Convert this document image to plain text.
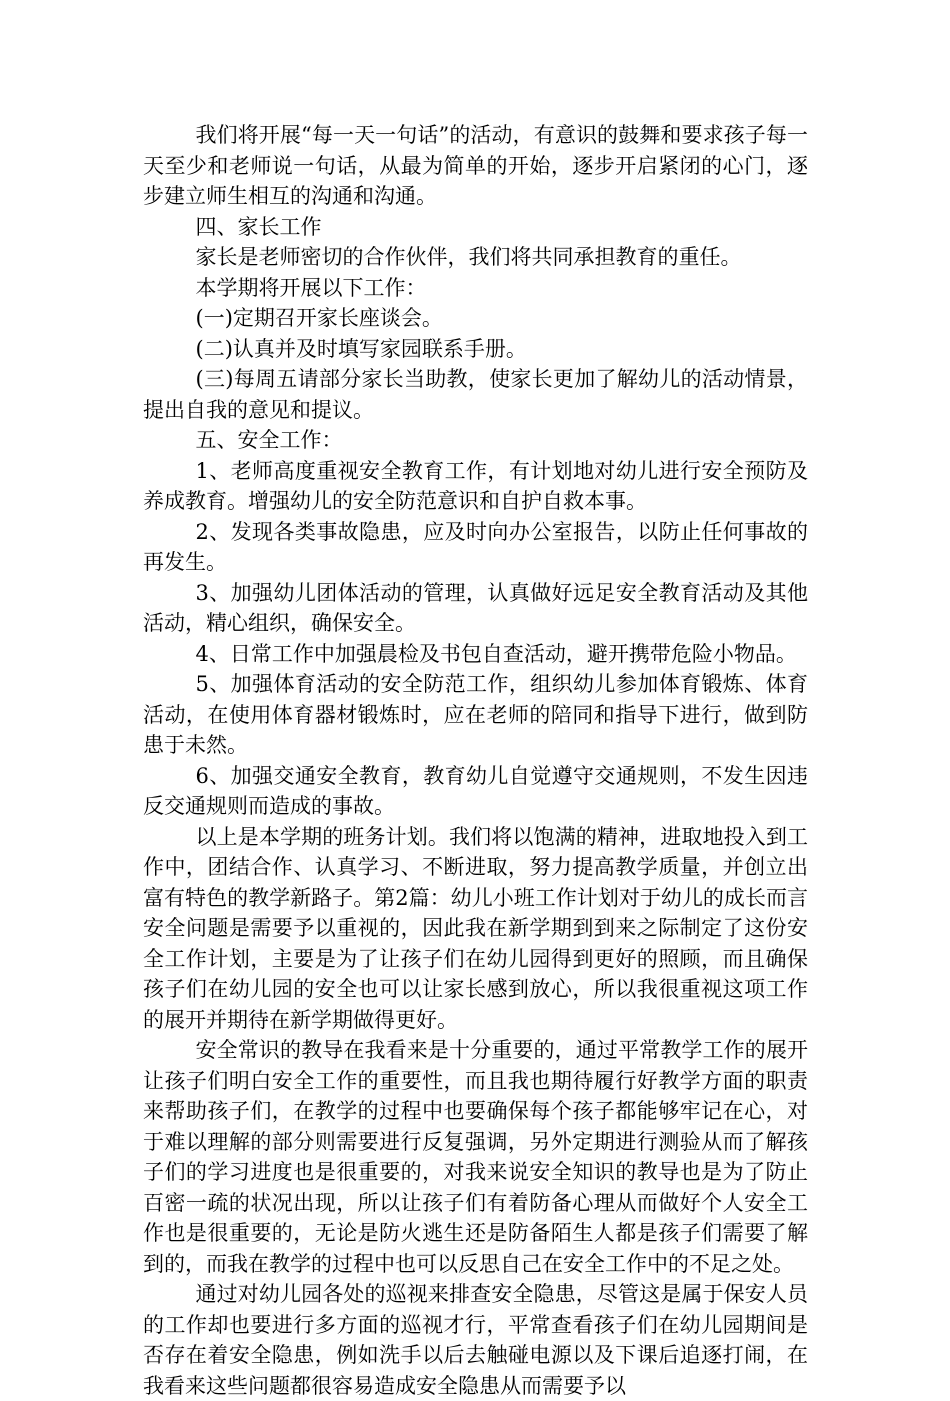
我们将开展“每一天一句话”的活动，有意识的鼓舞和要求孩子每一天至少和老师说一句话，从最为简单的开始，逐步开启紧闭的心门，逐步建立师生相互的沟通和沟通。

四、家长工作

家长是老师密切的合作伙伴，我们将共同承担教育的重任。

本学期将开展以下工作：

(一)定期召开家长座谈会。

(二)认真并及时填写家园联系手册。

(三)每周五请部分家长当助教，使家长更加了解幼儿的活动情景，提出自我的意见和提议。

五、安全工作：

1、老师高度重视安全教育工作，有计划地对幼儿进行安全预防及养成教育。增强幼儿的安全防范意识和自护自救本事。

2、发现各类事故隐患，应及时向办公室报告，以防止任何事故的再发生。

3、加强幼儿团体活动的管理，认真做好远足安全教育活动及其他活动，精心组织，确保安全。

4、日常工作中加强晨检及书包自查活动，避开携带危险小物品。

5、加强体育活动的安全防范工作，组织幼儿参加体育锻炼、体育活动，在使用体育器材锻炼时，应在老师的陪同和指导下进行，做到防患于未然。

6、加强交通安全教育，教育幼儿自觉遵守交通规则，不发生因违反交通规则而造成的事故。

以上是本学期的班务计划。我们将以饱满的精神，进取地投入到工作中，团结合作、认真学习、不断进取，努力提高教学质量，并创立出富有特色的教学新路子。第2篇：幼儿小班工作计划对于幼儿的成长而言安全问题是需要予以重视的，因此我在新学期到到来之际制定了这份安全工作计划，主要是为了让孩子们在幼儿园得到更好的照顾，而且确保孩子们在幼儿园的安全也可以让家长感到放心，所以我很重视这项工作的展开并期待在新学期做得更好。

安全常识的教导在我看来是十分重要的，通过平常教学工作的展开让孩子们明白安全工作的重要性，而且我也期待履行好教学方面的职责来帮助孩子们，在教学的过程中也要确保每个孩子都能够牢记在心，对于难以理解的部分则需要进行反复强调，另外定期进行测验从而了解孩子们的学习进度也是很重要的，对我来说安全知识的教导也是为了防止百密一疏的状况出现，所以让孩子们有着防备心理从而做好个人安全工作也是很重要的，无论是防火逃生还是防备陌生人都是孩子们需要了解到的，而我在教学的过程中也可以反思自己在安全工作中的不足之处。

通过对幼儿园各处的巡视来排查安全隐患，尽管这是属于保安人员的工作却也要进行多方面的巡视才行，平常查看孩子们在幼儿园期间是否存在着安全隐患，例如洗手以后去触碰电源以及下课后追逐打闹，在我看来这些问题都很容易造成安全隐患从而需要予以
